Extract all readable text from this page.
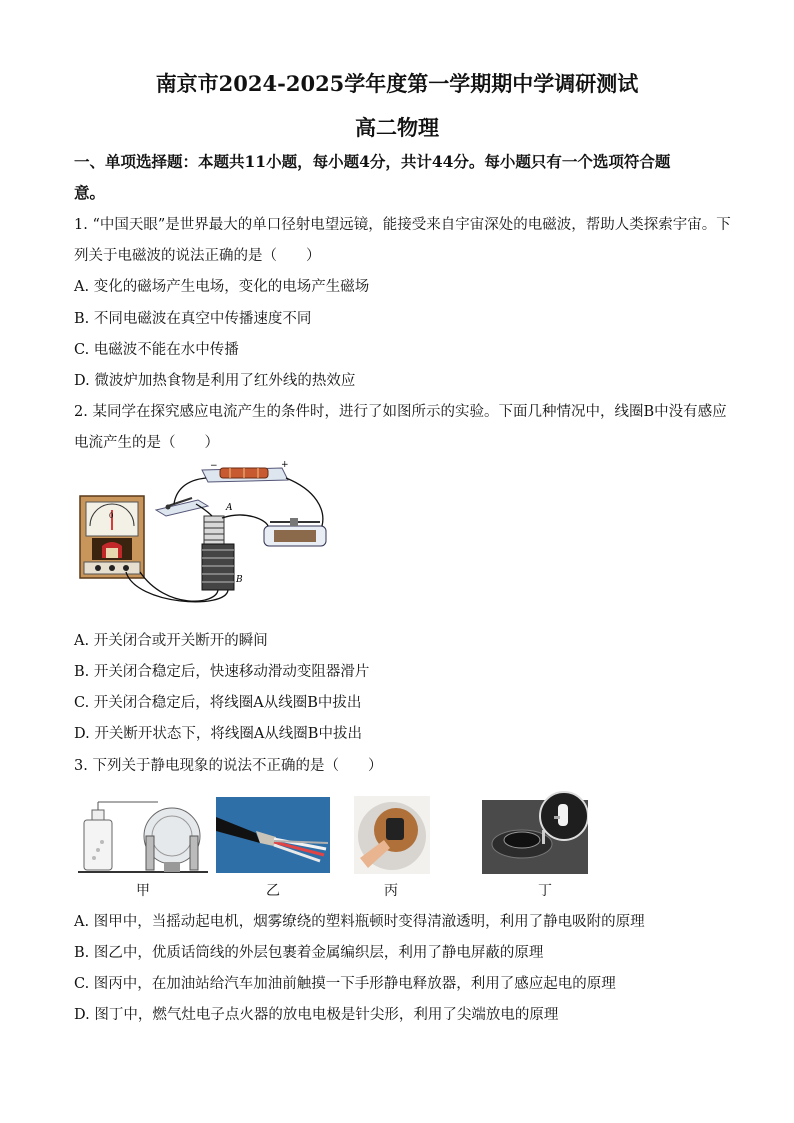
南京市2024-2025学年度第一学期期中学调研测试
高二物理
一、单项选择题：本题共11小题，每小题4分，共计44分。每小题只有一个选项符合题
意。
1. “中国天眼”是世界最大的单口径射电望远镜，能接受来自宇宙深处的电磁波，帮助人类探索宇宙。下
列关于电磁波的说法正确的是（　　）
A. 变化的磁场产生电场，变化的电场产生磁场
B. 不同电磁波在真空中传播速度不同
C. 电磁波不能在水中传播
D. 微波炉加热食物是利用了红外线的热效应
2. 某同学在探究感应电流产生的条件时，进行了如图所示的实验。下面几种情况中，线圈B中没有感应
电流产生的是（　　）
0
−	+
A
B
A. 开关闭合或开关断开的瞬间
B. 开关闭合稳定后，快速移动滑动变阻器滑片
C. 开关闭合稳定后，将线圈A从线圈B中拔出
D. 开关断开状态下，将线圈A从线圈B中拔出
3. 下列关于静电现象的说法不正确的是（　　）
甲	乙	丙	丁
A. 图甲中，当摇动起电机，烟雾缭绕的塑料瓶顿时变得清澈透明，利用了静电吸附的原理
B. 图乙中，优质话筒线的外层包裹着金属编织层，利用了静电屏蔽的原理
C. 图丙中，在加油站给汽车加油前触摸一下手形静电释放器，利用了感应起电的原理
D. 图丁中，燃气灶电子点火器的放电电极是针尖形，利用了尖端放电的原理
